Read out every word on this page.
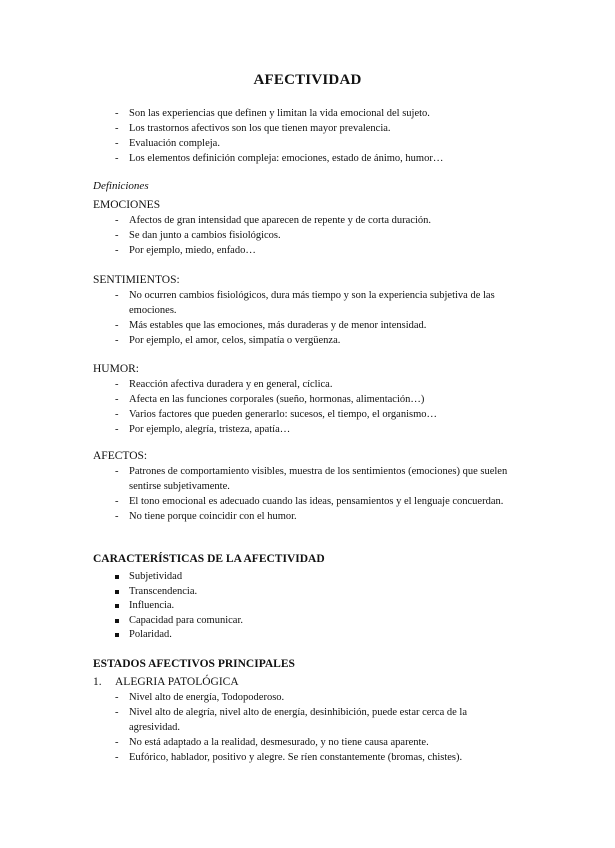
AFECTIVIDAD
- Son las experiencias que definen y limitan la vida emocional del sujeto.
- Los trastornos afectivos son los que tienen mayor prevalencia.
- Evaluación compleja.
- Los elementos definición compleja: emociones, estado de ánimo, humor…
Definiciones
EMOCIONES
- Afectos de gran intensidad que aparecen de repente y de corta duración.
- Se dan junto a cambios fisiológicos.
- Por ejemplo, miedo, enfado…
SENTIMIENTOS:
- No ocurren cambios fisiológicos, dura más tiempo y son la experiencia subjetiva de las emociones.
- Más estables que las emociones, más duraderas y de menor intensidad.
- Por ejemplo, el amor, celos, simpatía o vergüenza.
HUMOR:
- Reacción afectiva duradera y en general, cíclica.
- Afecta en las funciones corporales (sueño, hormonas, alimentación…)
- Varios factores que pueden generarlo: sucesos, el tiempo, el organismo…
- Por ejemplo, alegría, tristeza, apatía…
AFECTOS:
- Patrones de comportamiento visibles, muestra de los sentimientos (emociones) que suelen sentirse subjetivamente.
- El tono emocional es adecuado cuando las ideas, pensamientos y el lenguaje concuerdan.
- No tiene porque coincidir con el humor.
CARACTERÍSTICAS DE LA AFECTIVIDAD
Subjetividad
Transcendencia.
Influencia.
Capacidad para comunicar.
Polaridad.
ESTADOS AFECTIVOS PRINCIPALES
1. ALEGRIA PATOLÓGICA
- Nivel alto de energía, Todopoderoso.
- Nivel alto de alegría, nivel alto de energía, desinhibición, puede estar cerca de la agresividad.
- No está adaptado a la realidad, desmesurado, y no tiene causa aparente.
- Eufórico, hablador, positivo y alegre. Se ríen constantemente (bromas, chistes).
